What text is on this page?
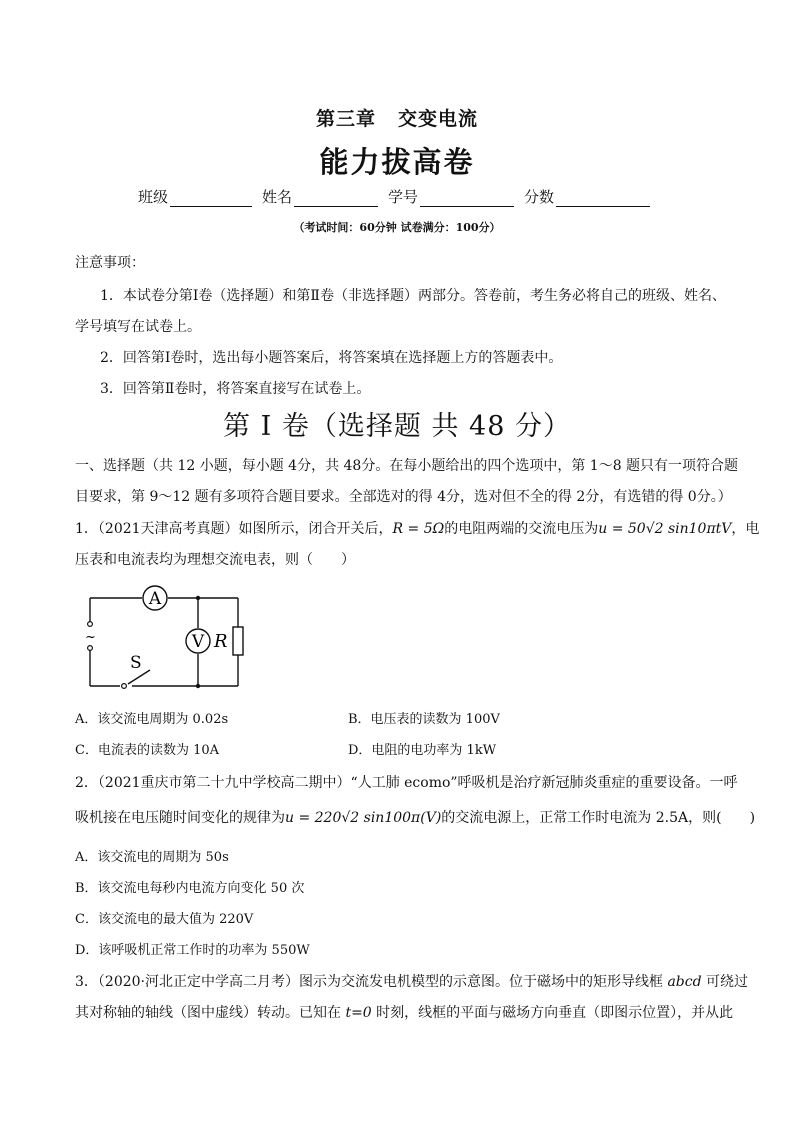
第三章 交变电流
能力拔高卷
班级	姓名	学号	分数
（考试时间：60分钟 试卷满分：100分）
注意事项：
1．本试卷分第Ⅰ卷（选择题）和第Ⅱ卷（非选择题）两部分。答卷前，考生务必将自己的班级、姓名、
学号填写在试卷上。
2．回答第Ⅰ卷时，选出每小题答案后，将答案填在选择题上方的答题表中。
3．回答第Ⅱ卷时，将答案直接写在试卷上。
第 I 卷（选择题 共 48 分）
一、选择题（共 12 小题，每小题 4分，共 48分。在每小题给出的四个选项中，第 1～8 题只有一项符合题
目要求，第 9～12 题有多项符合题目要求。全部选对的得 4分，选对但不全的得 2分，有选错的得 0分。）
1．（2021天津高考真题）如图所示，闭合开关后，R = 5Ω的电阻两端的交流电压为u = 50√2 sin10πtV，电
压表和电流表均为理想交流电表，则（　　）
A
V R
S
~
A．该交流电周期为 0.02s	B．电压表的读数为 100V
C．电流表的读数为 10A	D．电阻的电功率为 1kW
2．（2021重庆市第二十九中学校高二期中）“人工肺 ecomo”呼吸机是治疗新冠肺炎重症的重要设备。一呼
吸机接在电压随时间变化的规律为u = 220√2 sin100π(V)的交流电源上，正常工作时电流为 2.5A，则(　　)
A．该交流电的周期为 50s
B．该交流电每秒内电流方向变化 50 次
C．该交流电的最大值为 220V
D．该呼吸机正常工作时的功率为 550W
3．（2020·河北正定中学高二月考）图示为交流发电机模型的示意图。位于磁场中的矩形导线框 abcd 可绕过
其对称轴的轴线（图中虚线）转动。已知在 t=0 时刻，线框的平面与磁场方向垂直（即图示位置），并从此
